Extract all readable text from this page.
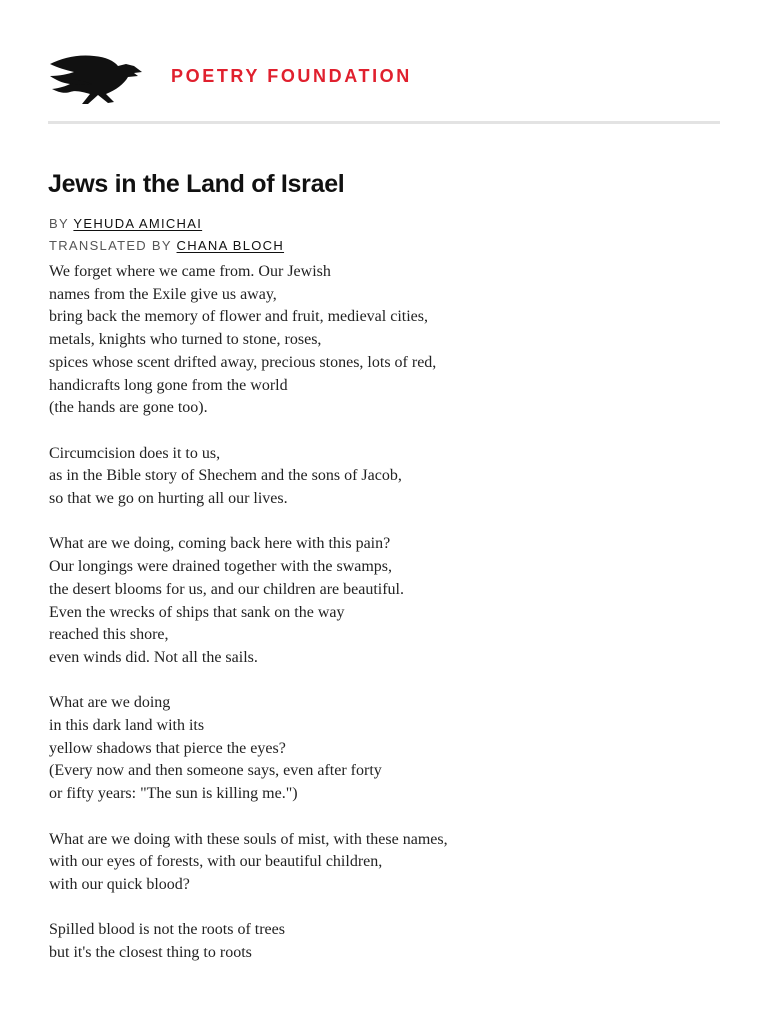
POETRY FOUNDATION
Jews in the Land of Israel
BY YEHUDA AMICHAI
TRANSLATED BY CHANA BLOCH
We forget where we came from. Our Jewish
names from the Exile give us away,
bring back the memory of flower and fruit, medieval cities,
metals, knights who turned to stone, roses,
spices whose scent drifted away, precious stones, lots of red,
handicrafts long gone from the world
(the hands are gone too).
Circumcision does it to us,
as in the Bible story of Shechem and the sons of Jacob,
so that we go on hurting all our lives.
What are we doing, coming back here with this pain?
Our longings were drained together with the swamps,
the desert blooms for us, and our children are beautiful.
Even the wrecks of ships that sank on the way
reached this shore,
even winds did. Not all the sails.
What are we doing
in this dark land with its
yellow shadows that pierce the eyes?
(Every now and then someone says, even after forty
or fifty years: "The sun is killing me.")
What are we doing with these souls of mist, with these names,
with our eyes of forests, with our beautiful children,
with our quick blood?
Spilled blood is not the roots of trees
but it's the closest thing to roots
